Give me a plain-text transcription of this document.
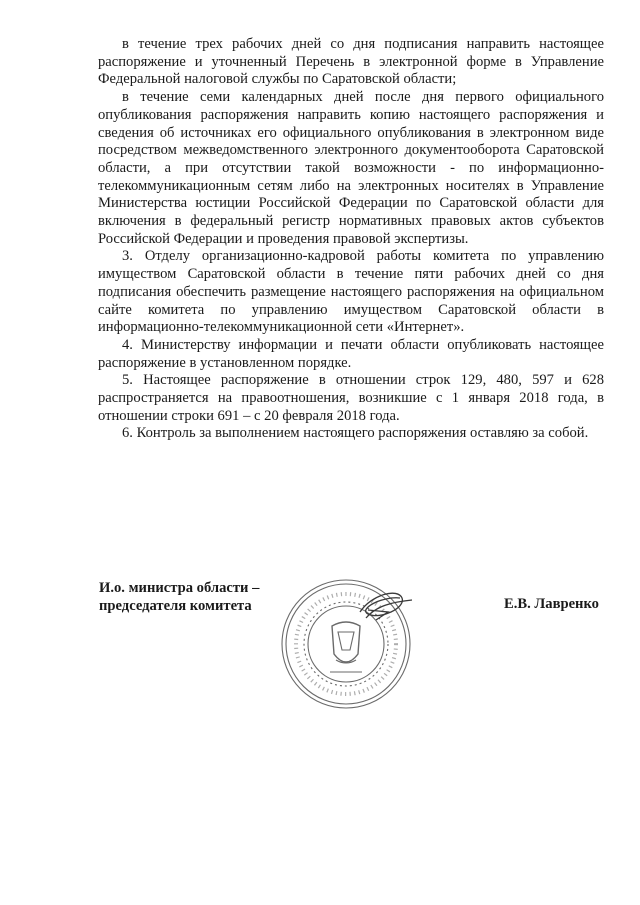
в течение трех рабочих дней со дня подписания направить настоящее распоряжение и уточненный Перечень в электронной форме в Управление Федеральной налоговой службы по Саратовской области;

в течение семи календарных дней после дня первого официального опубликования распоряжения направить копию настоящего распоряжения и сведения об источниках его официального опубликования в электронном виде посредством межведомственного электронного документооборота Саратовской области, а при отсутствии такой возможности - по информационно-телекоммуникационным сетям либо на электронных носителях в Управление Министерства юстиции Российской Федерации по Саратовской области для включения в федеральный регистр нормативных правовых актов субъектов Российской Федерации и проведения правовой экспертизы.

3. Отделу организационно-кадровой работы комитета по управлению имуществом Саратовской области в течение пяти рабочих дней со дня подписания обеспечить размещение настоящего распоряжения на официальном сайте комитета по управлению имуществом Саратовской области в информационно-телекоммуникационной сети «Интернет».

4. Министерству информации и печати области опубликовать настоящее распоряжение в установленном порядке.

5. Настоящее распоряжение в отношении строк 129, 480, 597 и 628 распространяется на правоотношения, возникшие с 1 января 2018 года, в отношении строки 691 – с 20 февраля 2018 года.

6. Контроль за выполнением настоящего распоряжения оставляю за собой.

И.о. министра области –
председателя комитета	Е.В. Лавренко
